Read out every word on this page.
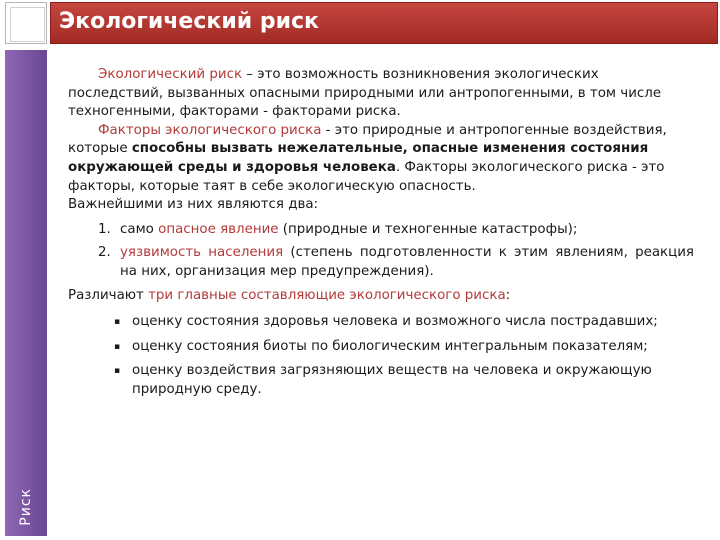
Экологический риск
Риск

Экологический риск – это возможность возникновения экологических последствий, вызванных опасными природными или антропогенными, в том числе техногенными, факторами - факторами риска.

Факторы экологического риска - это природные и антропогенные воздействия, которые способны вызвать нежелательные, опасные изменения состояния окружающей среды и здоровья человека. Факторы экологического риска - это факторы, которые таят в себе экологическую опасность.

Важнейшими из них являются два:

1. само опасное явление (природные и техногенные катастрофы);
2. уязвимость населения (степень подготовленности к этим явлениям, реакция на них, организация мер предупреждения).

Различают три главные составляющие экологического риска:

▪ оценку состояния здоровья человека и возможного числа пострадавших;
▪ оценку состояния биоты по биологическим интегральным показателям;
▪ оценку воздействия загрязняющих веществ на человека и окружающую природную среду.
